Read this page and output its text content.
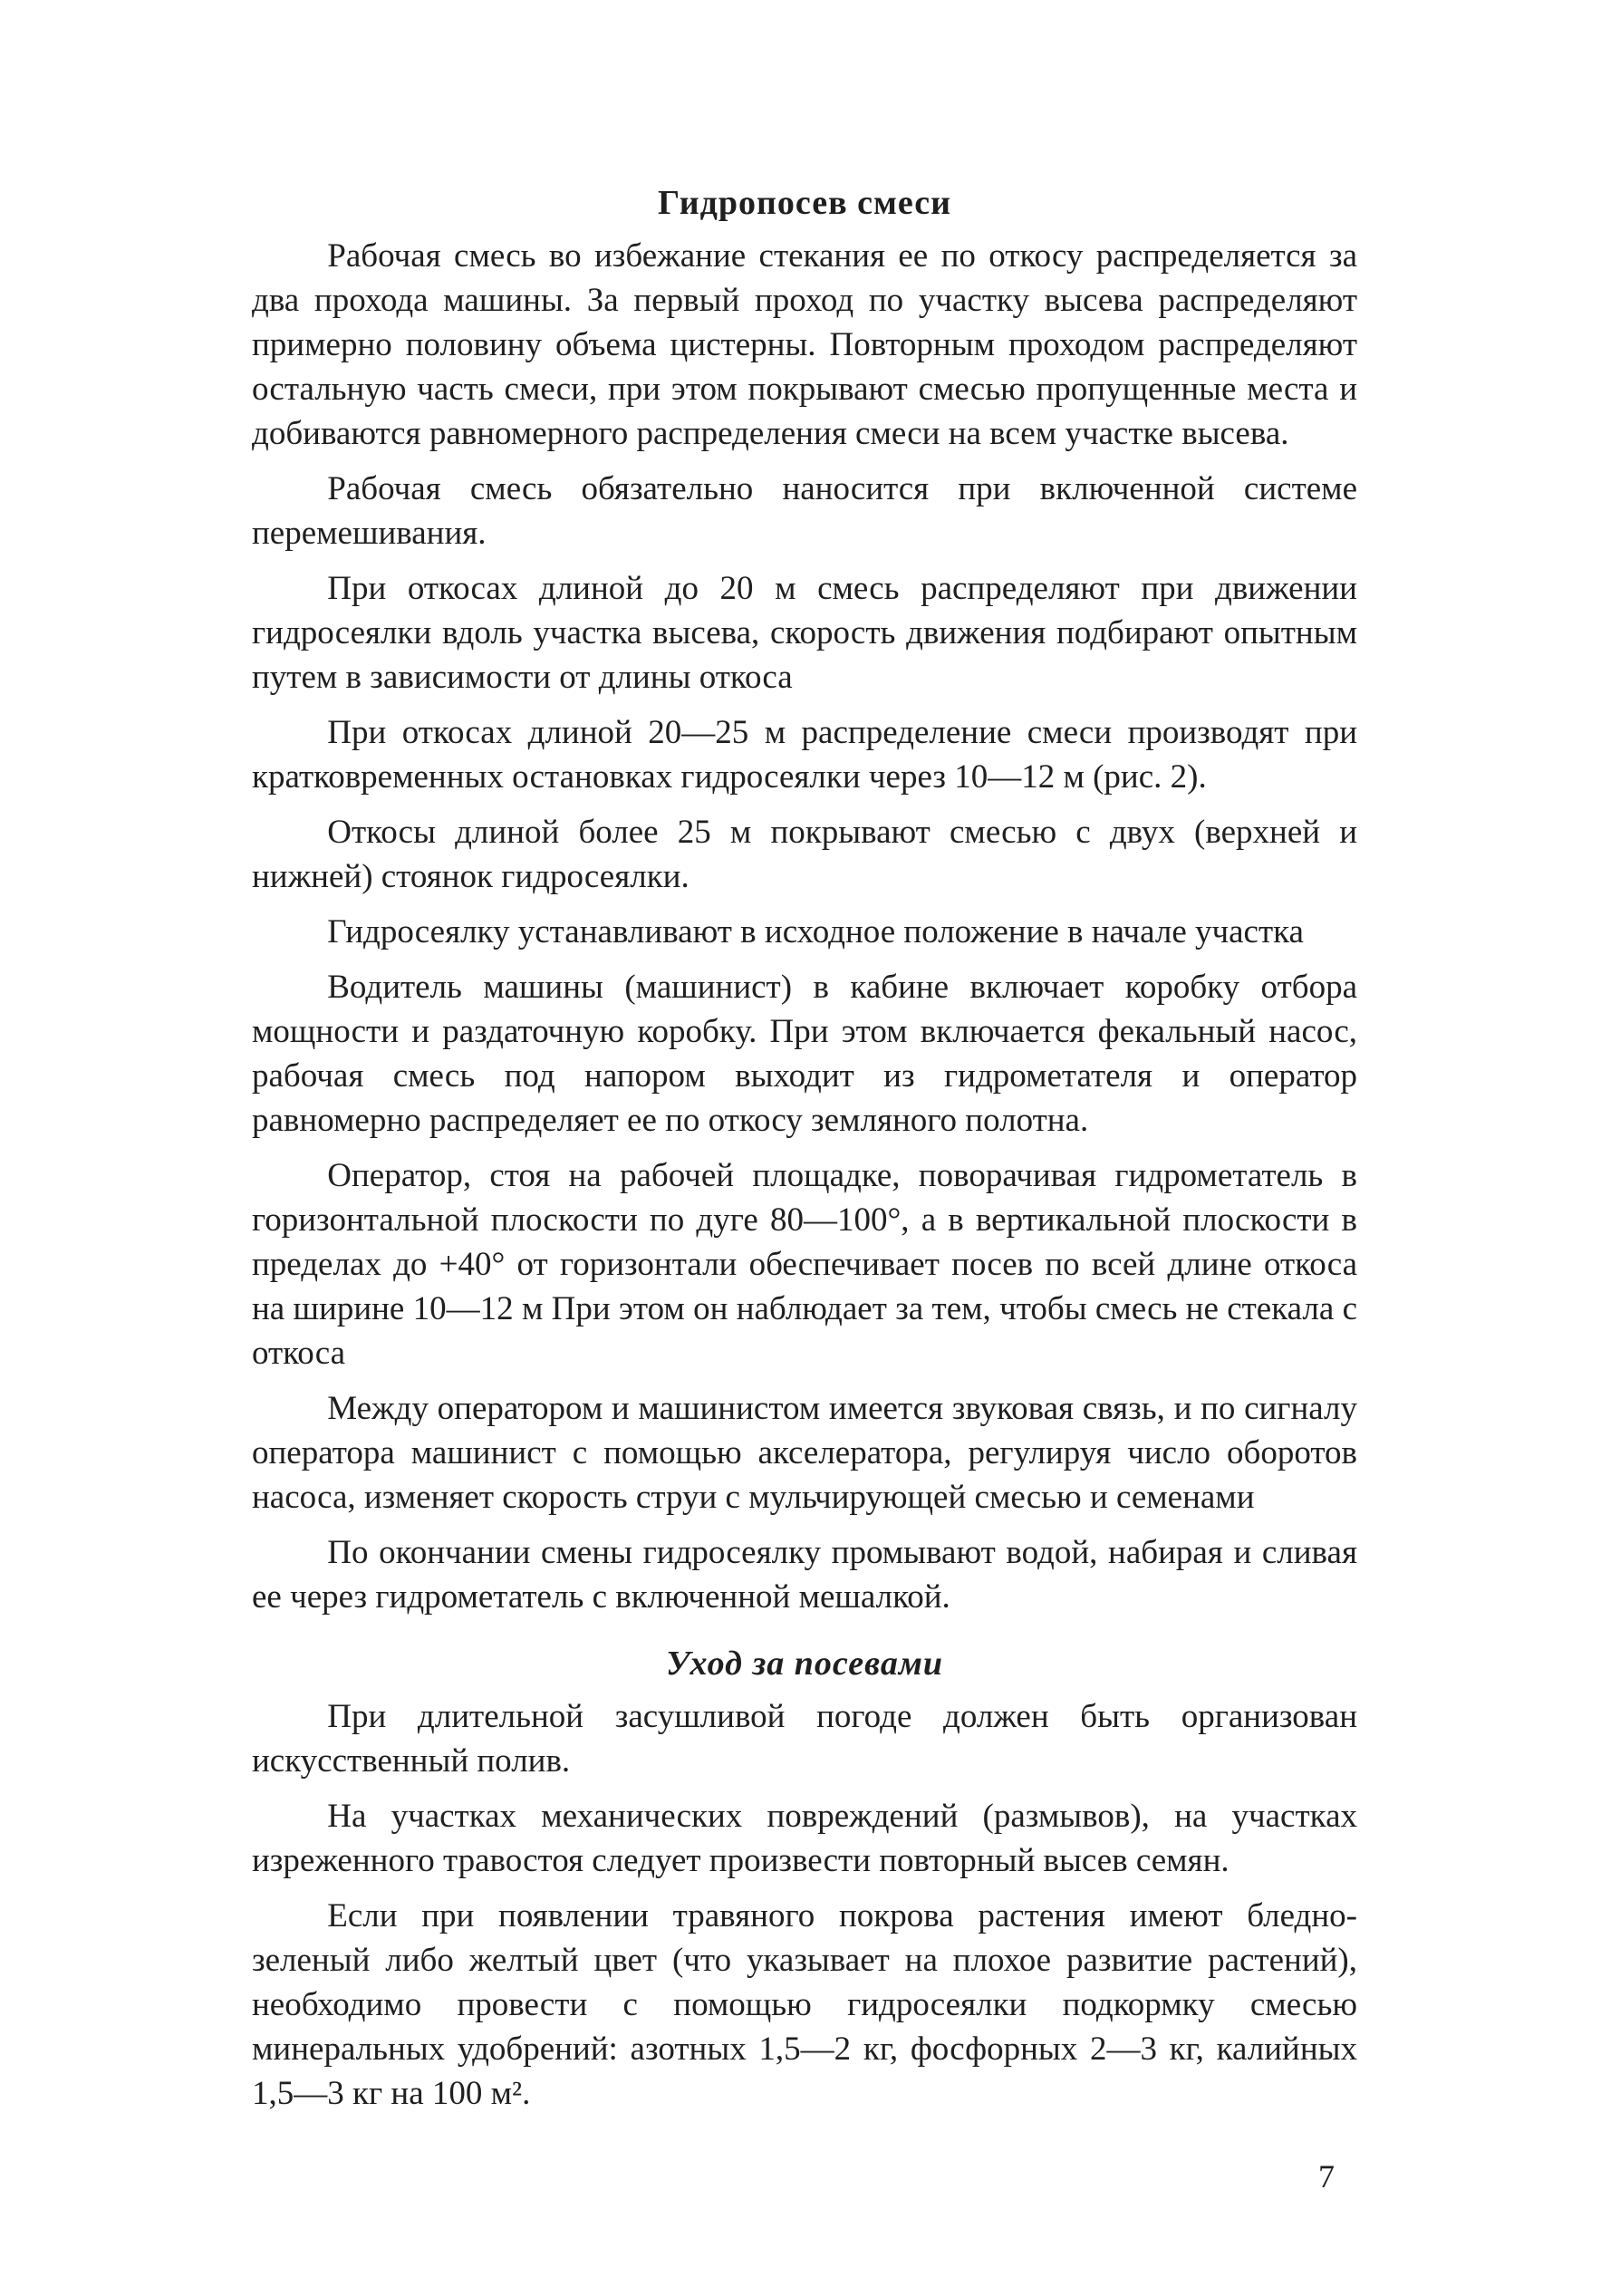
Гидропосев смеси

Рабочая смесь во избежание стекания ее по откосу распределяется за два прохода машины. За первый проход по участку высева распределяют примерно половину объема цистерны. Повторным проходом распределяют остальную часть смеси, при этом покрывают смесью пропущенные места и добиваются равномерного распределения смеси на всем участке высева.

Рабочая смесь обязательно наносится при включенной системе перемешивания.

При откосах длиной до 20 м смесь распределяют при движении гидросеялки вдоль участка высева, скорость движения подбирают опытным путем в зависимости от длины откоса

При откосах длиной 20—25 м распределение смеси производят при кратковременных остановках гидросеялки через 10—12 м (рис. 2).

Откосы длиной более 25 м покрывают смесью с двух (верхней и нижней) стоянок гидросеялки.

Гидросеялку устанавливают в исходное положение в начале участка

Водитель машины (машинист) в кабине включает коробку отбора мощности и раздаточную коробку. При этом включается фекальный насос, рабочая смесь под напором выходит из гидрометателя и оператор равномерно распределяет ее по откосу земляного полотна.

Оператор, стоя на рабочей площадке, поворачивая гидрометатель в горизонтальной плоскости по дуге 80—100°, а в вертикальной плоскости в пределах до +40° от горизонтали обеспечивает посев по всей длине откоса на ширине 10—12 м При этом он наблюдает за тем, чтобы смесь не стекала с откоса

Между оператором и машинистом имеется звуковая связь, и по сигналу оператора машинист с помощью акселератора, регулируя число оборотов насоса, изменяет скорость струи с мульчирующей смесью и семенами

По окончании смены гидросеялку промывают водой, набирая и сливая ее через гидрометатель с включенной мешалкой.

Уход за посевами

При длительной засушливой погоде должен быть организован искусственный полив.

На участках механических повреждений (размывов), на участках изреженного травостоя следует произвести повторный высев семян.

Если при появлении травяного покрова растения имеют бледно-зеленый либо желтый цвет (что указывает на плохое развитие растений), необходимо провести с помощью гидросеялки подкормку смесью минеральных удобрений: азотных 1,5—2 кг, фосфорных 2—3 кг, калийных 1,5—3 кг на 100 м².

7
